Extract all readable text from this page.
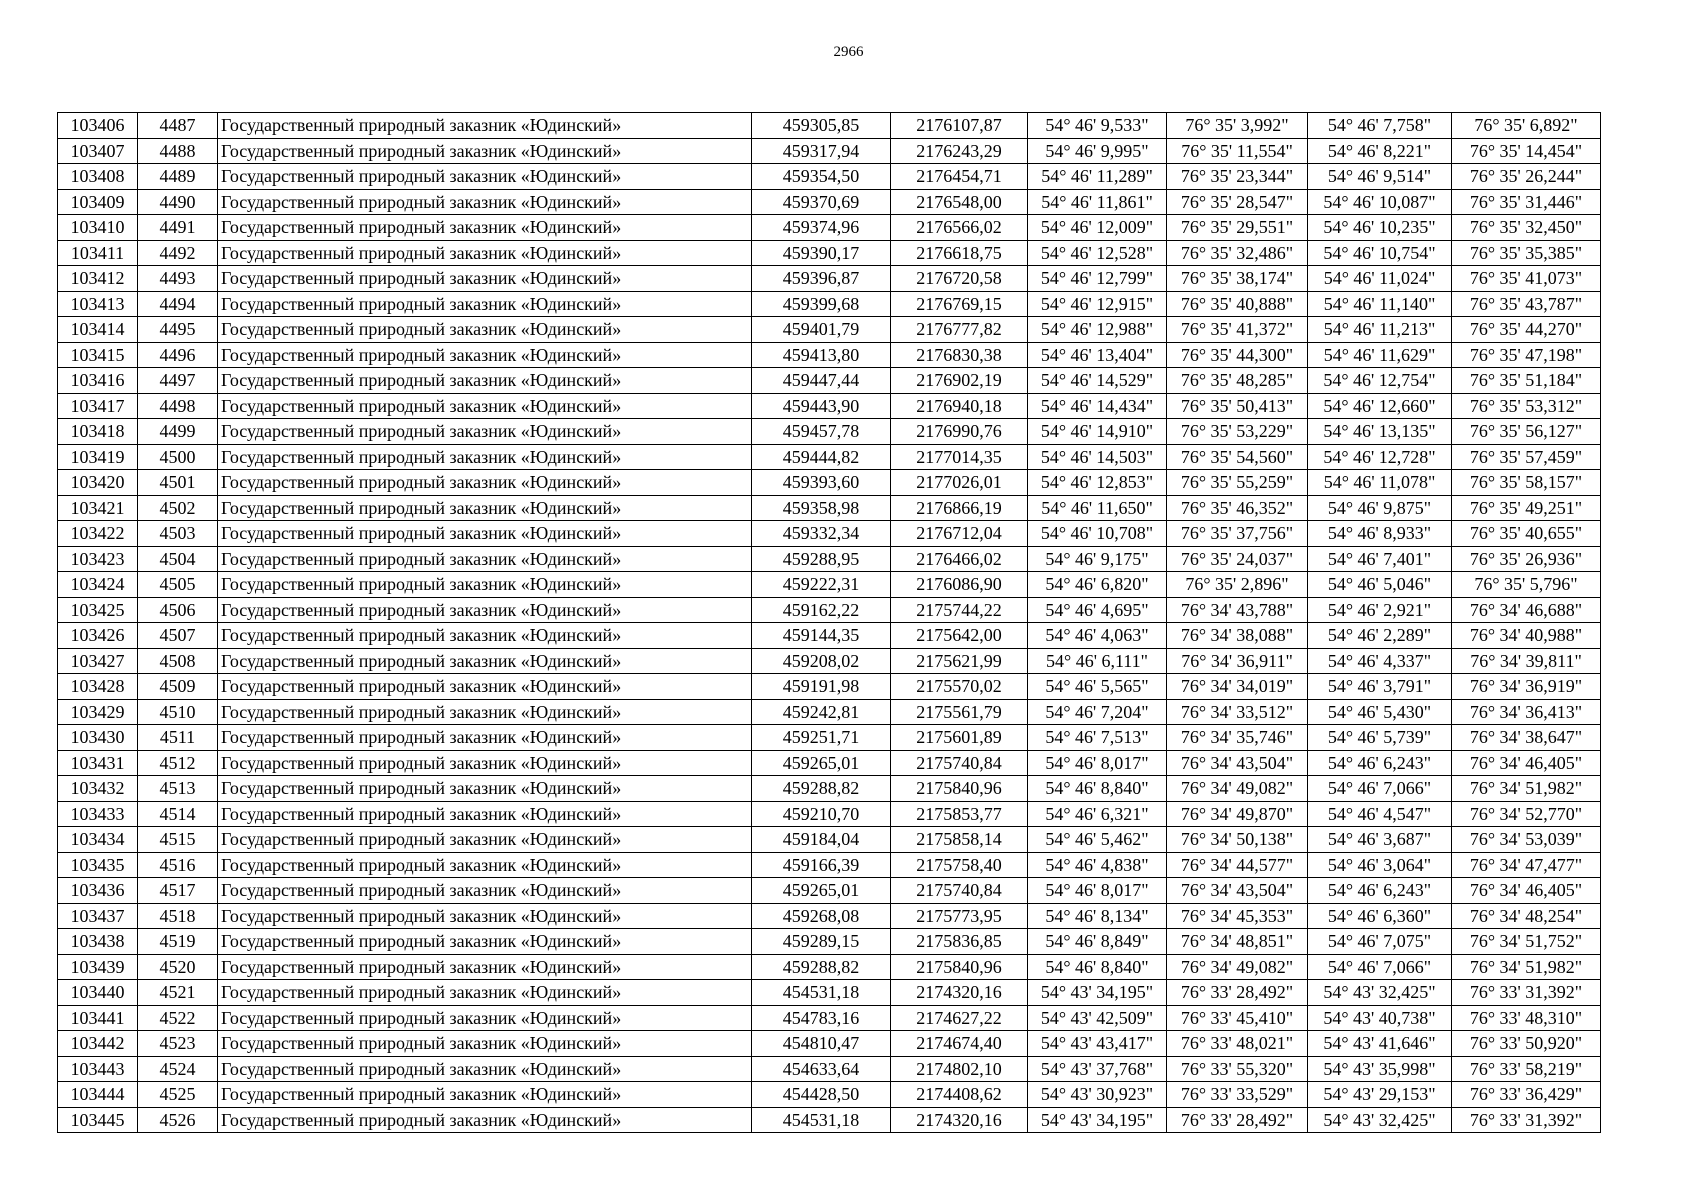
2966
103406	4487	Государственный природный заказник «Юдинский»	459305,85	2176107,87	54° 46' 9,533"	76° 35' 3,992"	54° 46' 7,758"	76° 35' 6,892"
103407	4488	Государственный природный заказник «Юдинский»	459317,94	2176243,29	54° 46' 9,995"	76° 35' 11,554"	54° 46' 8,221"	76° 35' 14,454"
103408	4489	Государственный природный заказник «Юдинский»	459354,50	2176454,71	54° 46' 11,289"	76° 35' 23,344"	54° 46' 9,514"	76° 35' 26,244"
103409	4490	Государственный природный заказник «Юдинский»	459370,69	2176548,00	54° 46' 11,861"	76° 35' 28,547"	54° 46' 10,087"	76° 35' 31,446"
103410	4491	Государственный природный заказник «Юдинский»	459374,96	2176566,02	54° 46' 12,009"	76° 35' 29,551"	54° 46' 10,235"	76° 35' 32,450"
103411	4492	Государственный природный заказник «Юдинский»	459390,17	2176618,75	54° 46' 12,528"	76° 35' 32,486"	54° 46' 10,754"	76° 35' 35,385"
103412	4493	Государственный природный заказник «Юдинский»	459396,87	2176720,58	54° 46' 12,799"	76° 35' 38,174"	54° 46' 11,024"	76° 35' 41,073"
103413	4494	Государственный природный заказник «Юдинский»	459399,68	2176769,15	54° 46' 12,915"	76° 35' 40,888"	54° 46' 11,140"	76° 35' 43,787"
103414	4495	Государственный природный заказник «Юдинский»	459401,79	2176777,82	54° 46' 12,988"	76° 35' 41,372"	54° 46' 11,213"	76° 35' 44,270"
103415	4496	Государственный природный заказник «Юдинский»	459413,80	2176830,38	54° 46' 13,404"	76° 35' 44,300"	54° 46' 11,629"	76° 35' 47,198"
103416	4497	Государственный природный заказник «Юдинский»	459447,44	2176902,19	54° 46' 14,529"	76° 35' 48,285"	54° 46' 12,754"	76° 35' 51,184"
103417	4498	Государственный природный заказник «Юдинский»	459443,90	2176940,18	54° 46' 14,434"	76° 35' 50,413"	54° 46' 12,660"	76° 35' 53,312"
103418	4499	Государственный природный заказник «Юдинский»	459457,78	2176990,76	54° 46' 14,910"	76° 35' 53,229"	54° 46' 13,135"	76° 35' 56,127"
103419	4500	Государственный природный заказник «Юдинский»	459444,82	2177014,35	54° 46' 14,503"	76° 35' 54,560"	54° 46' 12,728"	76° 35' 57,459"
103420	4501	Государственный природный заказник «Юдинский»	459393,60	2177026,01	54° 46' 12,853"	76° 35' 55,259"	54° 46' 11,078"	76° 35' 58,157"
103421	4502	Государственный природный заказник «Юдинский»	459358,98	2176866,19	54° 46' 11,650"	76° 35' 46,352"	54° 46' 9,875"	76° 35' 49,251"
103422	4503	Государственный природный заказник «Юдинский»	459332,34	2176712,04	54° 46' 10,708"	76° 35' 37,756"	54° 46' 8,933"	76° 35' 40,655"
103423	4504	Государственный природный заказник «Юдинский»	459288,95	2176466,02	54° 46' 9,175"	76° 35' 24,037"	54° 46' 7,401"	76° 35' 26,936"
103424	4505	Государственный природный заказник «Юдинский»	459222,31	2176086,90	54° 46' 6,820"	76° 35' 2,896"	54° 46' 5,046"	76° 35' 5,796"
103425	4506	Государственный природный заказник «Юдинский»	459162,22	2175744,22	54° 46' 4,695"	76° 34' 43,788"	54° 46' 2,921"	76° 34' 46,688"
103426	4507	Государственный природный заказник «Юдинский»	459144,35	2175642,00	54° 46' 4,063"	76° 34' 38,088"	54° 46' 2,289"	76° 34' 40,988"
103427	4508	Государственный природный заказник «Юдинский»	459208,02	2175621,99	54° 46' 6,111"	76° 34' 36,911"	54° 46' 4,337"	76° 34' 39,811"
103428	4509	Государственный природный заказник «Юдинский»	459191,98	2175570,02	54° 46' 5,565"	76° 34' 34,019"	54° 46' 3,791"	76° 34' 36,919"
103429	4510	Государственный природный заказник «Юдинский»	459242,81	2175561,79	54° 46' 7,204"	76° 34' 33,512"	54° 46' 5,430"	76° 34' 36,413"
103430	4511	Государственный природный заказник «Юдинский»	459251,71	2175601,89	54° 46' 7,513"	76° 34' 35,746"	54° 46' 5,739"	76° 34' 38,647"
103431	4512	Государственный природный заказник «Юдинский»	459265,01	2175740,84	54° 46' 8,017"	76° 34' 43,504"	54° 46' 6,243"	76° 34' 46,405"
103432	4513	Государственный природный заказник «Юдинский»	459288,82	2175840,96	54° 46' 8,840"	76° 34' 49,082"	54° 46' 7,066"	76° 34' 51,982"
103433	4514	Государственный природный заказник «Юдинский»	459210,70	2175853,77	54° 46' 6,321"	76° 34' 49,870"	54° 46' 4,547"	76° 34' 52,770"
103434	4515	Государственный природный заказник «Юдинский»	459184,04	2175858,14	54° 46' 5,462"	76° 34' 50,138"	54° 46' 3,687"	76° 34' 53,039"
103435	4516	Государственный природный заказник «Юдинский»	459166,39	2175758,40	54° 46' 4,838"	76° 34' 44,577"	54° 46' 3,064"	76° 34' 47,477"
103436	4517	Государственный природный заказник «Юдинский»	459265,01	2175740,84	54° 46' 8,017"	76° 34' 43,504"	54° 46' 6,243"	76° 34' 46,405"
103437	4518	Государственный природный заказник «Юдинский»	459268,08	2175773,95	54° 46' 8,134"	76° 34' 45,353"	54° 46' 6,360"	76° 34' 48,254"
103438	4519	Государственный природный заказник «Юдинский»	459289,15	2175836,85	54° 46' 8,849"	76° 34' 48,851"	54° 46' 7,075"	76° 34' 51,752"
103439	4520	Государственный природный заказник «Юдинский»	459288,82	2175840,96	54° 46' 8,840"	76° 34' 49,082"	54° 46' 7,066"	76° 34' 51,982"
103440	4521	Государственный природный заказник «Юдинский»	454531,18	2174320,16	54° 43' 34,195"	76° 33' 28,492"	54° 43' 32,425"	76° 33' 31,392"
103441	4522	Государственный природный заказник «Юдинский»	454783,16	2174627,22	54° 43' 42,509"	76° 33' 45,410"	54° 43' 40,738"	76° 33' 48,310"
103442	4523	Государственный природный заказник «Юдинский»	454810,47	2174674,40	54° 43' 43,417"	76° 33' 48,021"	54° 43' 41,646"	76° 33' 50,920"
103443	4524	Государственный природный заказник «Юдинский»	454633,64	2174802,10	54° 43' 37,768"	76° 33' 55,320"	54° 43' 35,998"	76° 33' 58,219"
103444	4525	Государственный природный заказник «Юдинский»	454428,50	2174408,62	54° 43' 30,923"	76° 33' 33,529"	54° 43' 29,153"	76° 33' 36,429"
103445	4526	Государственный природный заказник «Юдинский»	454531,18	2174320,16	54° 43' 34,195"	76° 33' 28,492"	54° 43' 32,425"	76° 33' 31,392"
